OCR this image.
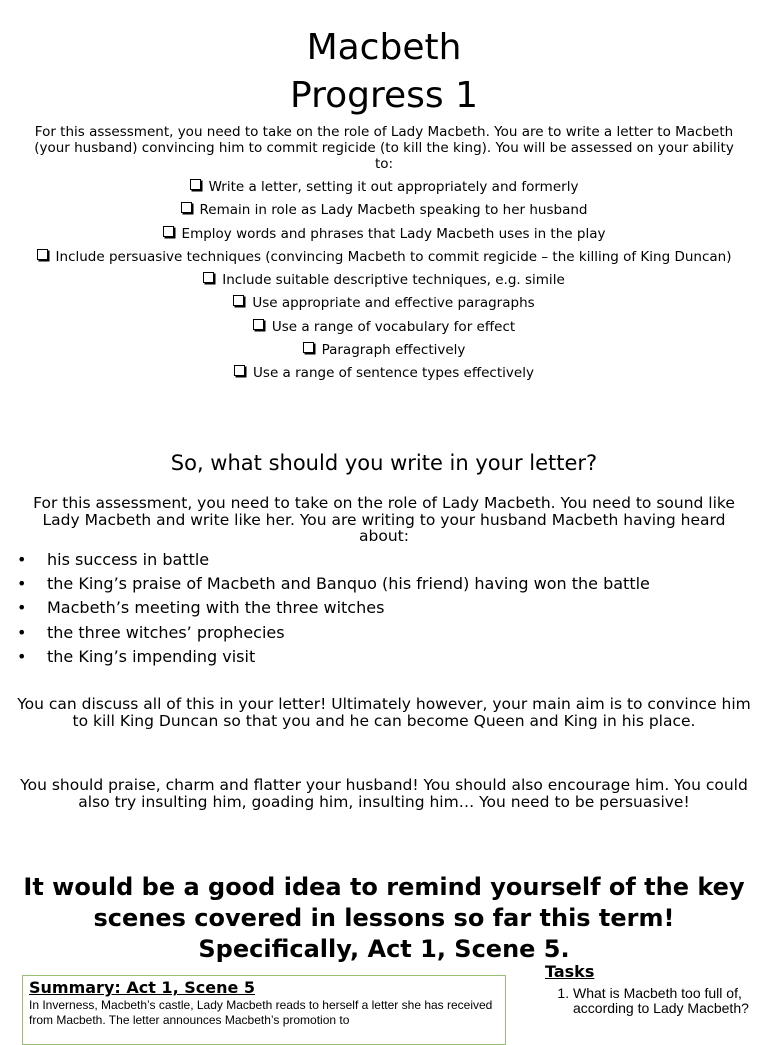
Macbeth
Progress 1
For this assessment, you need to take on the role of Lady Macbeth. You are to write a letter to Macbeth (your husband) convincing him to commit regicide (to kill the king). You will be assessed on your ability to:
Write a letter, setting it out appropriately and formerly
Remain in role as Lady Macbeth speaking to her husband
Employ words and phrases that Lady Macbeth uses in the play
Include persuasive techniques (convincing Macbeth to commit regicide – the killing of King Duncan)
Include suitable descriptive techniques, e.g. simile
Use appropriate and effective paragraphs
Use a range of vocabulary for effect
Paragraph effectively
Use a range of sentence types effectively
So, what should you write in your letter?
For this assessment, you need to take on the role of Lady Macbeth. You need to sound like Lady Macbeth and write like her. You are writing to your husband Macbeth having heard about:
• his success in battle
• the King’s praise of Macbeth and Banquo (his friend) having won the battle
• Macbeth’s meeting with the three witches
• the three witches’ prophecies
• the King’s impending visit
You can discuss all of this in your letter! Ultimately however, your main aim is to convince him to kill King Duncan so that you and he can become Queen and King in his place.
You should praise, charm and flatter your husband! You should also encourage him. You could also try insulting him, goading him, insulting him… You need to be persuasive!
It would be a good idea to remind yourself of the key scenes covered in lessons so far this term! Specifically, Act 1, Scene 5.
Summary: Act 1, Scene 5
In Inverness, Macbeth’s castle, Lady Macbeth reads to herself a letter she has received from Macbeth. The letter announces Macbeth’s promotion to
Tasks
1. What is Macbeth too full of, according to Lady Macbeth?
